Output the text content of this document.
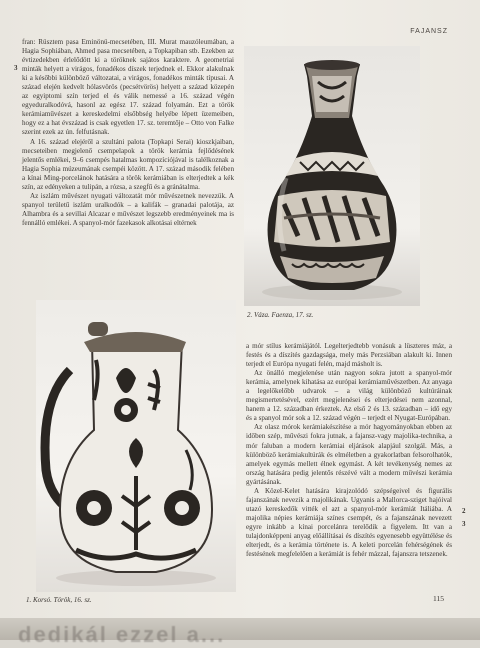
FAJANSZ
3
2
3

fran: Rüsztem pasa Eminönü-mecsetében, III. Murat mauzóleumában, a Hagia Sophiában, Ahmed pasa mecsetében, a Topkapiban stb. Ezekben az évtizedekben érlelődött ki a töröknek sajátos karaktere. A geometriai minták helyett a virágos, fonadékos díszek terjednek el. Ekkor alakulnak ki a későbbi különböző változatai, a virágos, fonadékos minták típusai. A század elején kedvelt hólasvörös (pecsétvörös) helyett a század közepén az egyiptomi szín terjed el és válik nemessé a 16. század végén egyeduralkodóvá, hasonl az egész 17. század folyamán. Ezt a török kerámiaművészet a kereskedelmi elsőbbség helyébe lépett üzemeiben, hogy ez a hat évszázad is csak egyetlen 17. sz. teremtője – Otto von Falke szerint ezek az ún. felfutásnak.

A 16. század elejéről a szultáni palota (Topkapi Serai) kioszkjaiban, mecseteiben megjelenő csempelapok a török kerámia fejlődésének jelentős emlékei, 9–6 csempés hatalmas kompozíciójával is talélkoznak a Hagia Sophia múzeumának csempéi között. A 17. század második felében a kínai Ming-porcelánok hatására a török kerámiában is elterjedtek a kék szín, az edényeken a tulipán, a rózsa, a szegfű és a gránátalma.

Az iszlám művészet nyugati változatát mór művészetnek nevezzük. A spanyol területű iszlám uralkodók – a kalifák – granadai palotája, az Alhambra és a sevillai Alcazar e művészet legszebb eredményeinek ma is fennálló emlékei. A spanyol-mór fazekasok alkotásai eltérnek

2. Váza. Faenza, 17. sz.
1. Korsó. Török, 16. sz.

a mór stílus kerámiájától. Legelterjedtebb vonásuk a lüszteres máz, a festés és a díszítés gazdagsága, mely más Perzsiában alakult ki. Innen terjedt el Európa nyugati felén, majd másholt is.

Az önálló megjelenése után nagyon sokra jutott a spanyol-mór kerámia, amelynek kihatása az európai kerámiaművészetben. Az anyaga a legelőkelőbb udvarok – a világ különböző kultúráinak megismertetésével, ezért megjelenései és elterjedései nem azonnal, hanem a 12. században érkeztek. Az első 2 és 13. században – idő egy és a spanyol mór sok a 12. század végén – terjedt el Nyugat-Európában.

Az olasz mórok kerámiakészítése a mór hagyományokban ebben az időben szép, művészi fokra jutnak, a fajansz-vagy majolika-technika, a mór faluban a modern kerámiai eljárások alapjául szolgál. Más, a különböző kerámiakultúrák és elméletben a gyakorlatban felsorolhatók, amelyek egymás mellett élnek egymást. A két tevékenység nemes az ország hatására pedig jelentős részévé vált a modern művészi kerámia gyártásának.

A Közel-Kelet hatására kirajzolódó szépségeivel és figurális fajanszának nevezik a majolikának. Ugyanis a Mallorca-sziget hajóival utazó kereskedők vitték el azt a spanyol-mór kerámiát Itáliába. A majolika népies kerámiája színes csempét, és a fajanszának nevezett egyre inkább a kínai porcelánra terelődik a figyelem. Itt van a tulajdonképpeni anyag előállításai és díszítés egyenesebb együttélése és elterjedt, és a kerámia története is. A keleti porcelán fehérségének és festésének megfelelően a kerámiát is fehér mázzal, fajanszra tetszenek.

115
dedikál ezzel a...
